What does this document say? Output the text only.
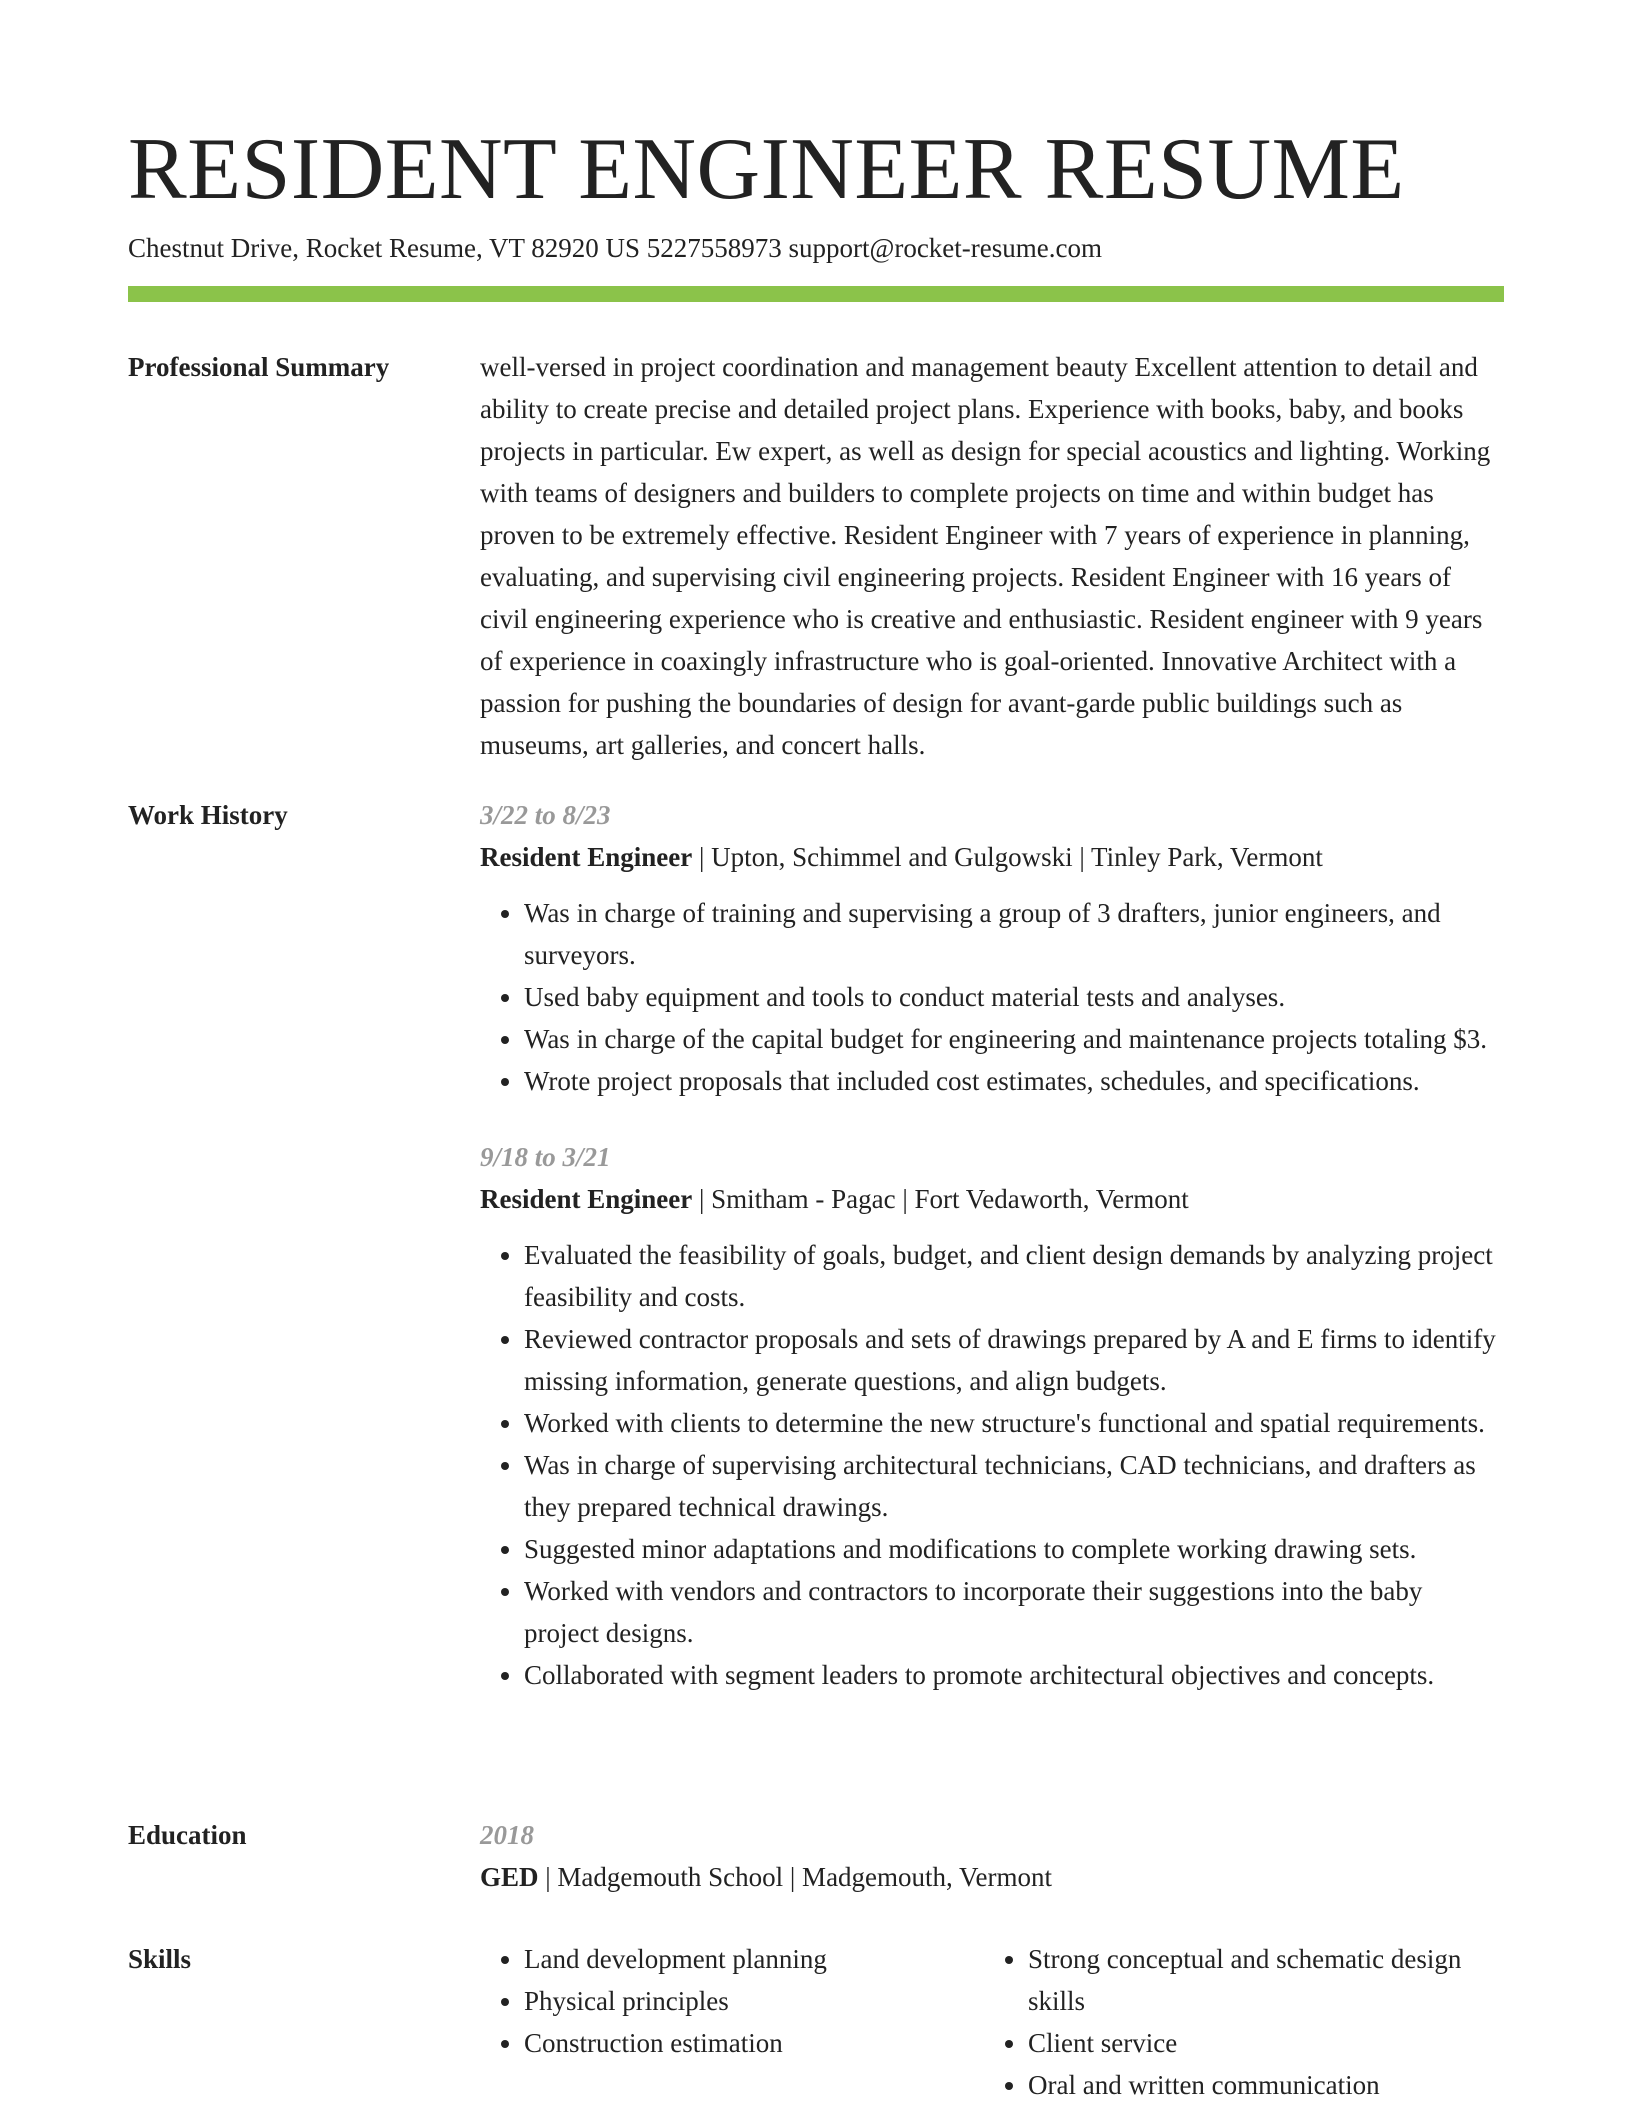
RESIDENT ENGINEER RESUME
Chestnut Drive, Rocket Resume, VT 82920 US 5227558973 support@rocket-resume.com
Professional Summary	well-versed in project coordination and management beauty Excellent attention to detail and ability to create precise and detailed project plans. Experience with books, baby, and books projects in particular. Ew expert, as well as design for special acoustics and lighting. Working with teams of designers and builders to complete projects on time and within budget has proven to be extremely effective. Resident Engineer with 7 years of experience in planning, evaluating, and supervising civil engineering projects. Resident Engineer with 16 years of civil engineering experience who is creative and enthusiastic. Resident engineer with 9 years of experience in coaxingly infrastructure who is goal-oriented. Innovative Architect with a passion for pushing the boundaries of design for avant-garde public buildings such as museums, art galleries, and concert halls.

Work History	3/22 to 8/23

Resident Engineer | Upton, Schimmel and Gulgowski | Tinley Park, Vermont

• Was in charge of training and supervising a group of 3 drafters, junior engineers, and surveyors.
• Used baby equipment and tools to conduct material tests and analyses.
• Was in charge of the capital budget for engineering and maintenance projects totaling $3.
• Wrote project proposals that included cost estimates, schedules, and specifications.

9/18 to 3/21

Resident Engineer | Smitham - Pagac | Fort Vedaworth, Vermont

• Evaluated the feasibility of goals, budget, and client design demands by analyzing project feasibility and costs.
• Reviewed contractor proposals and sets of drawings prepared by A and E firms to identify missing information, generate questions, and align budgets.
• Worked with clients to determine the new structure's functional and spatial requirements.
• Was in charge of supervising architectural technicians, CAD technicians, and drafters as they prepared technical drawings.
• Suggested minor adaptations and modifications to complete working drawing sets.
• Worked with vendors and contractors to incorporate their suggestions into the baby project designs.
• Collaborated with segment leaders to promote architectural objectives and concepts.
Education	2018

GED | Madgemouth School | Madgemouth, Vermont

Skills
•	Land development planning
• Physical principles
• Construction estimation
• Strong conceptual and schematic design skills
• Client service
• Oral and written communication
